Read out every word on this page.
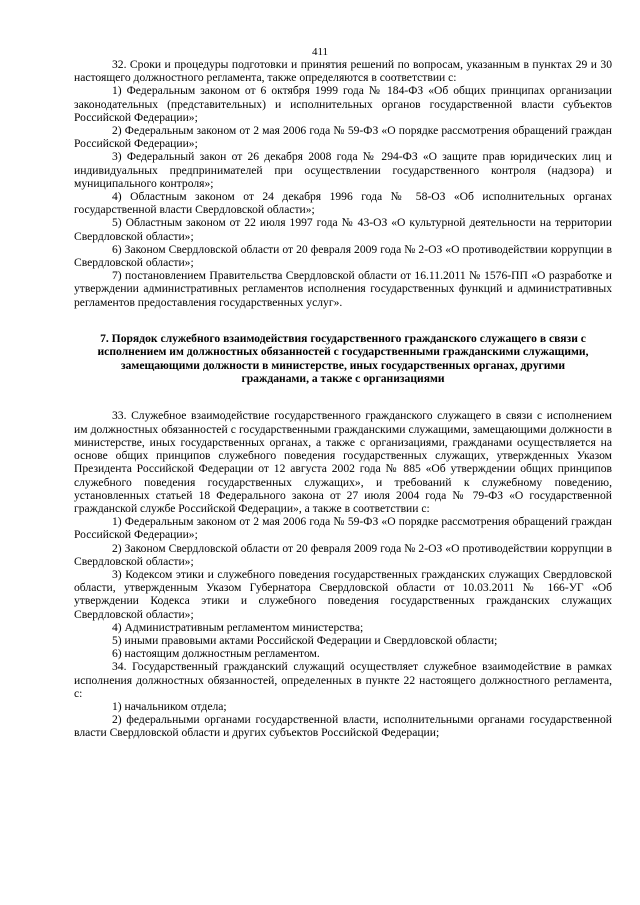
411

32. Сроки и процедуры подготовки и принятия решений по вопросам, указанным в пунктах 29 и 30 настоящего должностного регламента, также определяются в соответствии с:

1) Федеральным законом от 6 октября 1999 года № 184-ФЗ «Об общих принципах организации законодательных (представительных) и исполнительных органов государственной власти субъектов Российской Федерации»;

2) Федеральным законом от 2 мая 2006 года № 59-ФЗ «О порядке рассмотрения обращений граждан Российской Федерации»;

3) Федеральный закон от 26 декабря 2008 года № 294-ФЗ «О защите прав юридических лиц и индивидуальных предпринимателей при осуществлении государственного контроля (надзора) и муниципального контроля»;

4) Областным законом от 24 декабря 1996 года № 58-ОЗ «Об исполнительных органах государственной власти Свердловской области»;

5) Областным законом от 22 июля 1997 года № 43-ОЗ «О культурной деятельности на территории Свердловской области»;

6) Законом Свердловской области от 20 февраля 2009 года № 2-ОЗ «О противодействии коррупции в Свердловской области»;

7) постановлением Правительства Свердловской области от 16.11.2011 № 1576-ПП «О разработке и утверждении административных регламентов исполнения государственных функций и административных регламентов предоставления государственных услуг».

7. Порядок служебного взаимодействия государственного гражданского служащего в связи с исполнением им должностных обязанностей с государственными гражданскими служащими, замещающими должности в министерстве, иных государственных органах, другими гражданами, а также с организациями

33. Служебное взаимодействие государственного гражданского служащего в связи с исполнением им должностных обязанностей с государственными гражданскими служащими, замещающими должности в министерстве, иных государственных органах, а также с организациями, гражданами осуществляется на основе общих принципов служебного поведения государственных служащих, утвержденных Указом Президента Российской Федерации от 12 августа 2002 года № 885 «Об утверждении общих принципов служебного поведения государственных служащих», и требований к служебному поведению, установленных статьей 18 Федерального закона от 27 июля 2004 года № 79-ФЗ «О государственной гражданской службе Российской Федерации», а также в соответствии с:

1) Федеральным законом от 2 мая 2006 года № 59-ФЗ «О порядке рассмотрения обращений граждан Российской Федерации»;

2) Законом Свердловской области от 20 февраля 2009 года № 2-ОЗ «О противодействии коррупции в Свердловской области»;

3) Кодексом этики и служебного поведения государственных гражданских служащих Свердловской области, утвержденным Указом Губернатора Свердловской области от 10.03.2011 № 166-УГ «Об утверждении Кодекса этики и служебного поведения государственных гражданских служащих Свердловской области»;

4) Административным регламентом министерства;

5) иными правовыми актами Российской Федерации и Свердловской области;

6) настоящим должностным регламентом.

34. Государственный гражданский служащий осуществляет служебное взаимодействие в рамках исполнения должностных обязанностей, определенных в пункте 22 настоящего должностного регламента, с:

1) начальником отдела;

2) федеральными органами государственной власти, исполнительными органами государственной власти Свердловской области и других субъектов Российской Федерации;
